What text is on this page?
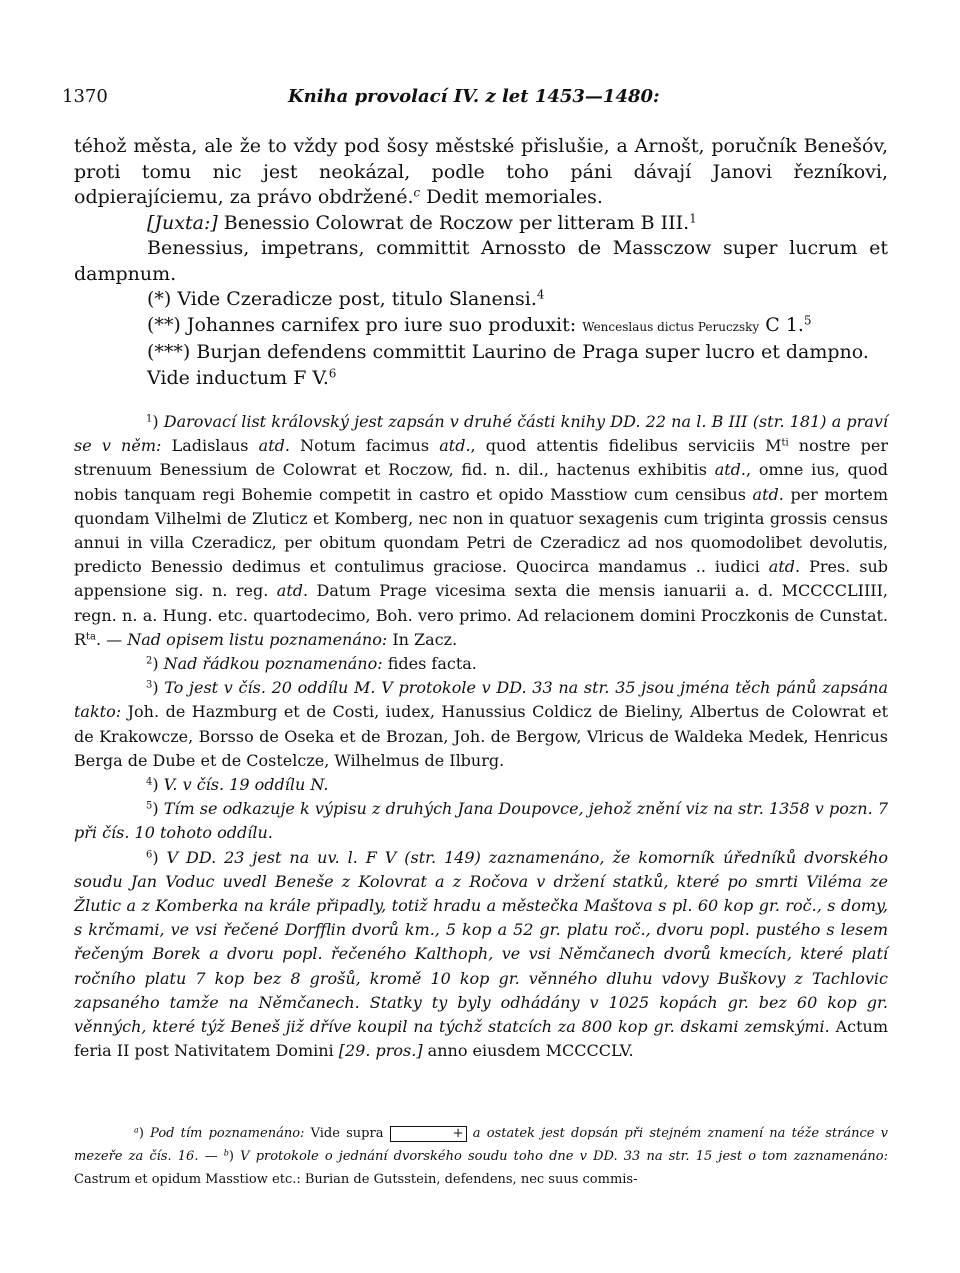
1370	Kniha provolací IV. z let 1453—1480:

téhož města, ale že to vždy pod šosy městské přislušie, a Arnošt, poručník Benešóv, proti tomu nic jest neokázal, podle toho páni dávají Janovi řezníkovi, odpierajíciemu, za právo obdržené.$^c$ Dedit memoriales.

[Juxta:] Benessio Colowrat de Roczow per litteram B III.$^1$

Benessius, impetrans, committit Arnossto de Massczow super lucrum et dampnum.

(*) Vide Czeradicze post, titulo Slanensi.$^4$

(**) Johannes carnifex pro iure suo produxit: Wenceslaus dictus Peruczsky C 1.$^5$

(***) Burjan defendens committit Laurino de Praga super lucro et dampno.

Vide inductum F V.$^6$

$^1$) Darovací list královský jest zapsán v druhé části knihy DD. 22 na l. B III (str. 181) a praví se v něm: Ladislaus atd. Notum facimus atd., quod attentis fidelibus serviciis $M^{ti}$ nostre per strenuum Benessium de Colowrat et Roczow, fid. n. dil., hactenus exhibitis atd., omne ius, quod nobis tanquam regi Bohemie competit in castro et opido Masstiow cum censibus atd. per mortem quondam Vilhelmi de Zluticz et Komberg, nec non in quatuor sexagenis cum triginta grossis census annui in villa Czeradicz, per obitum quondam Petri de Czeradicz ad nos quomodolibet devolutis, predicto Benessio dedimus et contulimus graciose. Quocirca mandamus .. iudici atd. Pres. sub appensione sig. n. reg. atd. Datum Prage vicesima sexta die mensis ianuarii a. d. MCCCCLIIII, regn. n. a. Hung. etc. quartodecimo, Boh. vero primo. Ad relacionem domini Proczkonis de Cunstat. $R^{ta}$. — Nad opisem listu poznamenáno: In Zacz.

$^2$) Nad řádkou poznamenáno: fides facta.

$^3$) To jest v čís. 20 oddílu M. V protokole v DD. 33 na str. 35 jsou jména těch pánů zapsána takto: Joh. de Hazmburg et de Costi, iudex, Hanussius Coldicz de Bieliny, Albertus de Colowrat et de Krakowcze, Borsso de Oseka et de Brozan, Joh. de Bergow, Vlricus de Waldeka Medek, Henricus Berga de Dube et de Costelcze, Wilhelmus de Ilburg.

$^4$) V. v čís. 19 oddílu N.

$^5$) Tím se odkazuje k výpisu z druhých Jana Doupovce, jehož znění viz na str. 1358 v pozn. 7 při čís. 10 tohoto oddílu.

$^6$) V DD. 23 jest na uv. l. F V (str. 149) zaznamenáno, že komorník úředníků dvorského soudu Jan Voduc uvedl Beneše z Kolovrat a z Ročova v držení statků, které po smrti Viléma ze Žlutic a z Komberka na krále připadly, totiž hradu a městečka Maštova s pl. 60 kop gr. roč., s domy, s krčmami, ve vsi řečené Dorfflin dvorů km., 5 kop a 52 gr. platu roč., dvoru popl. pustého s lesem řečeným Borek a dvoru popl. řečeného Kalthoph, ve vsi Němčanech dvorů kmecích, které platí ročního platu 7 kop bez 8 grošů, kromě 10 kop gr. věnného dluhu vdovy Buškovy z Tachlovic zapsaného tamže na Němčanech. Statky ty byly odhádány v 1025 kopách gr. bez 60 kop gr. věnných, které týž Beneš již dříve koupil na týchž statcích za 800 kop gr. dskami zemskými. Actum feria II post Nativitatem Domini [29. pros.] anno eiusdem MCCCCLV.

$^a$) Pod tím poznamenáno: Vide supra	+ a ostatek jest dopsán při stejném znamení na téže stránce v mezeře za čís. 16. — $^b$) V protokole o jednání dvorského soudu toho dne v DD. 33 na str. 15 jest o tom zaznamenáno: Castrum et opidum Masstiow etc.: Burian de Gutsstein, defendens, nec suus commis-
